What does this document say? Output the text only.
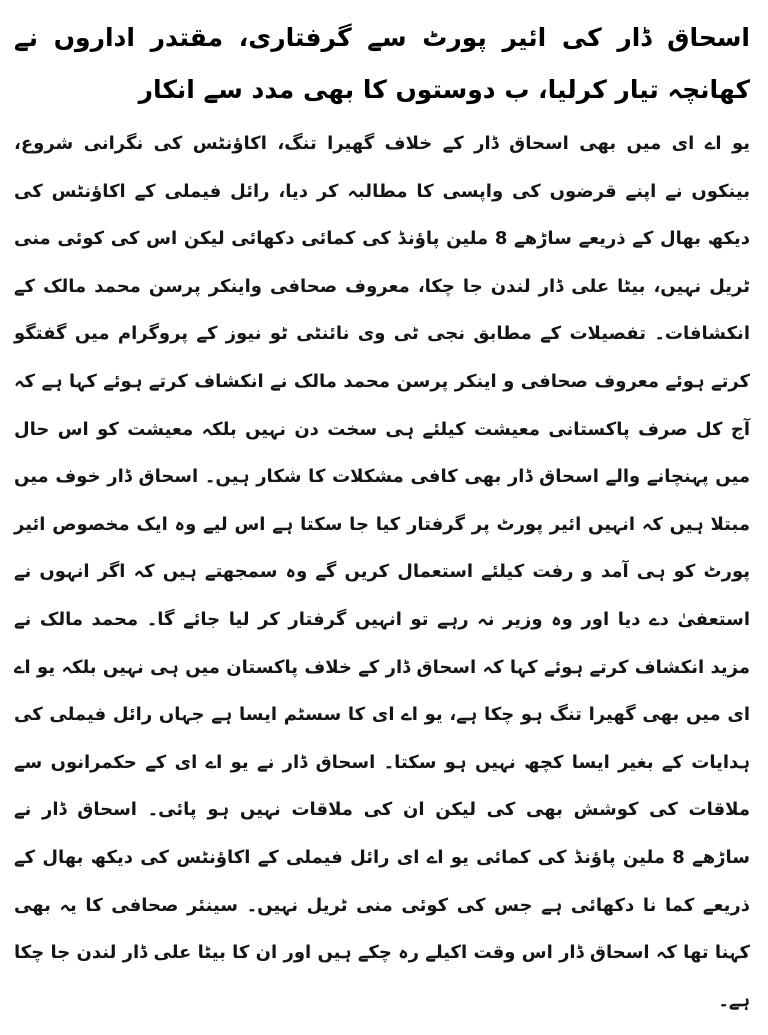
اسحاق ڈار کی ائیر پورٹ سے گرفتاری، مقتدر اداروں نے کھانچہ تیار کرلیا، ب دوستوں کا بھی مدد سے انکار

یو اے ای میں بھی اسحاق ڈار کے خلاف گھیرا تنگ، اکاؤنٹس کی نگرانی شروع، بینکوں نے اپنے قرضوں کی واپسی کا مطالبہ کر دیا، رائل فیملی کے اکاؤنٹس کی دیکھ بھال کے ذریعے ساڑھے 8 ملین پاؤنڈ کی کمائی دکھائی لیکن اس کی کوئی منی ٹریل نہیں، بیٹا علی ڈار لندن جا چکا، معروف صحافی واینکر پرسن محمد مالک کے انکشافات۔ تفصیلات کے مطابق نجی ٹی وی نائنٹی ٹو نیوز کے پروگرام میں گفتگو کرتے ہوئے معروف صحافی و اینکر پرسن محمد مالک نے انکشاف کرتے ہوئے کہا ہے کہ آج کل صرف پاکستانی معیشت کیلئے ہی سخت دن نہیں بلکہ معیشت کو اس حال میں پہنچانے والے اسحاق ڈار بھی کافی مشکلات کا شکار ہیں۔ اسحاق ڈار خوف میں مبتلا ہیں کہ انہیں ائیر پورٹ پر گرفتار کیا جا سکتا ہے اس لیے وہ ایک مخصوص ائیر پورٹ کو ہی آمد و رفت کیلئے استعمال کریں گے وہ سمجھتے ہیں کہ اگر انہوں نے استعفیٰ دے دیا اور وہ وزیر نہ رہے تو انہیں گرفتار کر لیا جائے گا۔ محمد مالک نے مزید انکشاف کرتے ہوئے کہا کہ اسحاق ڈار کے خلاف پاکستان میں ہی نہیں بلکہ یو اے ای میں بھی گھیرا تنگ ہو چکا ہے، یو اے ای کا سسٹم ایسا ہے جہاں رائل فیملی کی ہدایات کے بغیر ایسا کچھ نہیں ہو سکتا۔ اسحاق ڈار نے یو اے ای کے حکمرانوں سے ملاقات کی کوشش بھی کی لیکن ان کی ملاقات نہیں ہو پائی۔ اسحاق ڈار نے ساڑھے 8 ملین پاؤنڈ کی کمائی یو اے ای رائل فیملی کے اکاؤنٹس کی دیکھ بھال کے ذریعے کما نا دکھائی ہے جس کی کوئی منی ٹریل نہیں۔ سینئر صحافی کا یہ بھی کہنا تھا کہ اسحاق ڈار اس وقت اکیلے رہ چکے ہیں اور ان کا بیٹا علی ڈار لندن جا چکا ہے۔
